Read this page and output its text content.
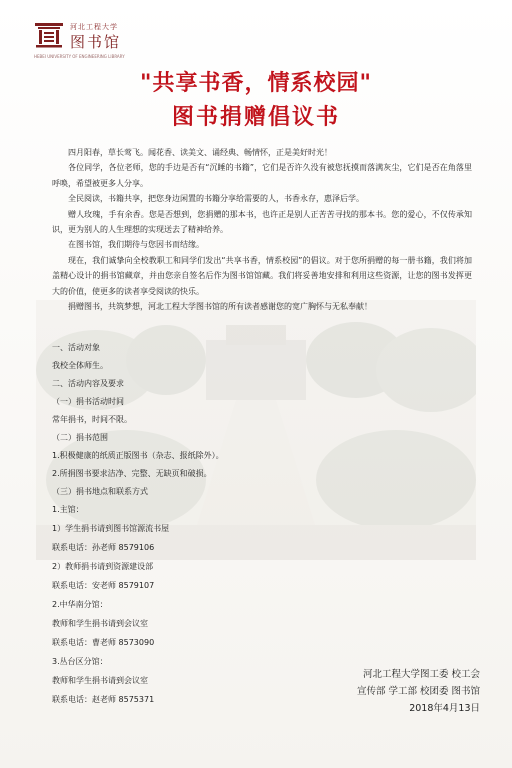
河北工程大学
图书馆
HEBEI UNIVERSITY OF ENGINEERING LIBRARY
"共享书香，情系校园"
图书捐赠倡议书

四月阳春，草长莺飞。闻花香、读美文、诵经典、畅情怀，正是美好时光！

各位同学，各位老师，您的手边是否有“沉睡的书籍”，它们是否许久没有被您抚摸而落满灰尘，它们是否在角落里呼唤，希望被更多人分享。

全民阅读，书籍共享，把您身边闲置的书籍分享给需要的人，书香永存，惠泽后学。

赠人玫瑰，手有余香。您是否想到，您捐赠的那本书，也许正是别人正苦苦寻找的那本书。您的爱心，不仅传承知识，更为别人的人生理想的实现送去了精神给养。

在图书馆，我们期待与您因书而结缘。

现在，我们诚挚向全校教职工和同学们发出“共享书香，情系校园”的倡议。对于您所捐赠的每一册书籍，我们将加盖精心设计的捐书馆藏章，并由您亲自签名后作为图书馆馆藏。我们将妥善地安排和利用这些资源，让您的图书发挥更大的价值，使更多的读者享受阅读的快乐。

捐赠图书，共筑梦想，河北工程大学图书馆的所有读者感谢您的宽广胸怀与无私奉献！

一、活动对象
我校全体师生。
二、活动内容及要求
（一）捐书活动时间
常年捐书，时间不限。
（二）捐书范围
1.积极健康的纸质正版图书（杂志、报纸除外）。
2.所捐图书要求洁净、完整、无缺页和破损。
（三）捐书地点和联系方式
1.主馆：
1）学生捐书请到图书馆源流书屋
联系电话：孙老师 8579106
2）教师捐书请到资源建设部
联系电话：安老师 8579107
2.中华南分馆：
教师和学生捐书请到会议室
联系电话：曹老师 8573090
3.丛台区分馆：
教师和学生捐书请到会议室
联系电话：赵老师 8575371
河北工程大学图工委 校工会
宣传部 学工部 校团委 图书馆
2018年4月13日
